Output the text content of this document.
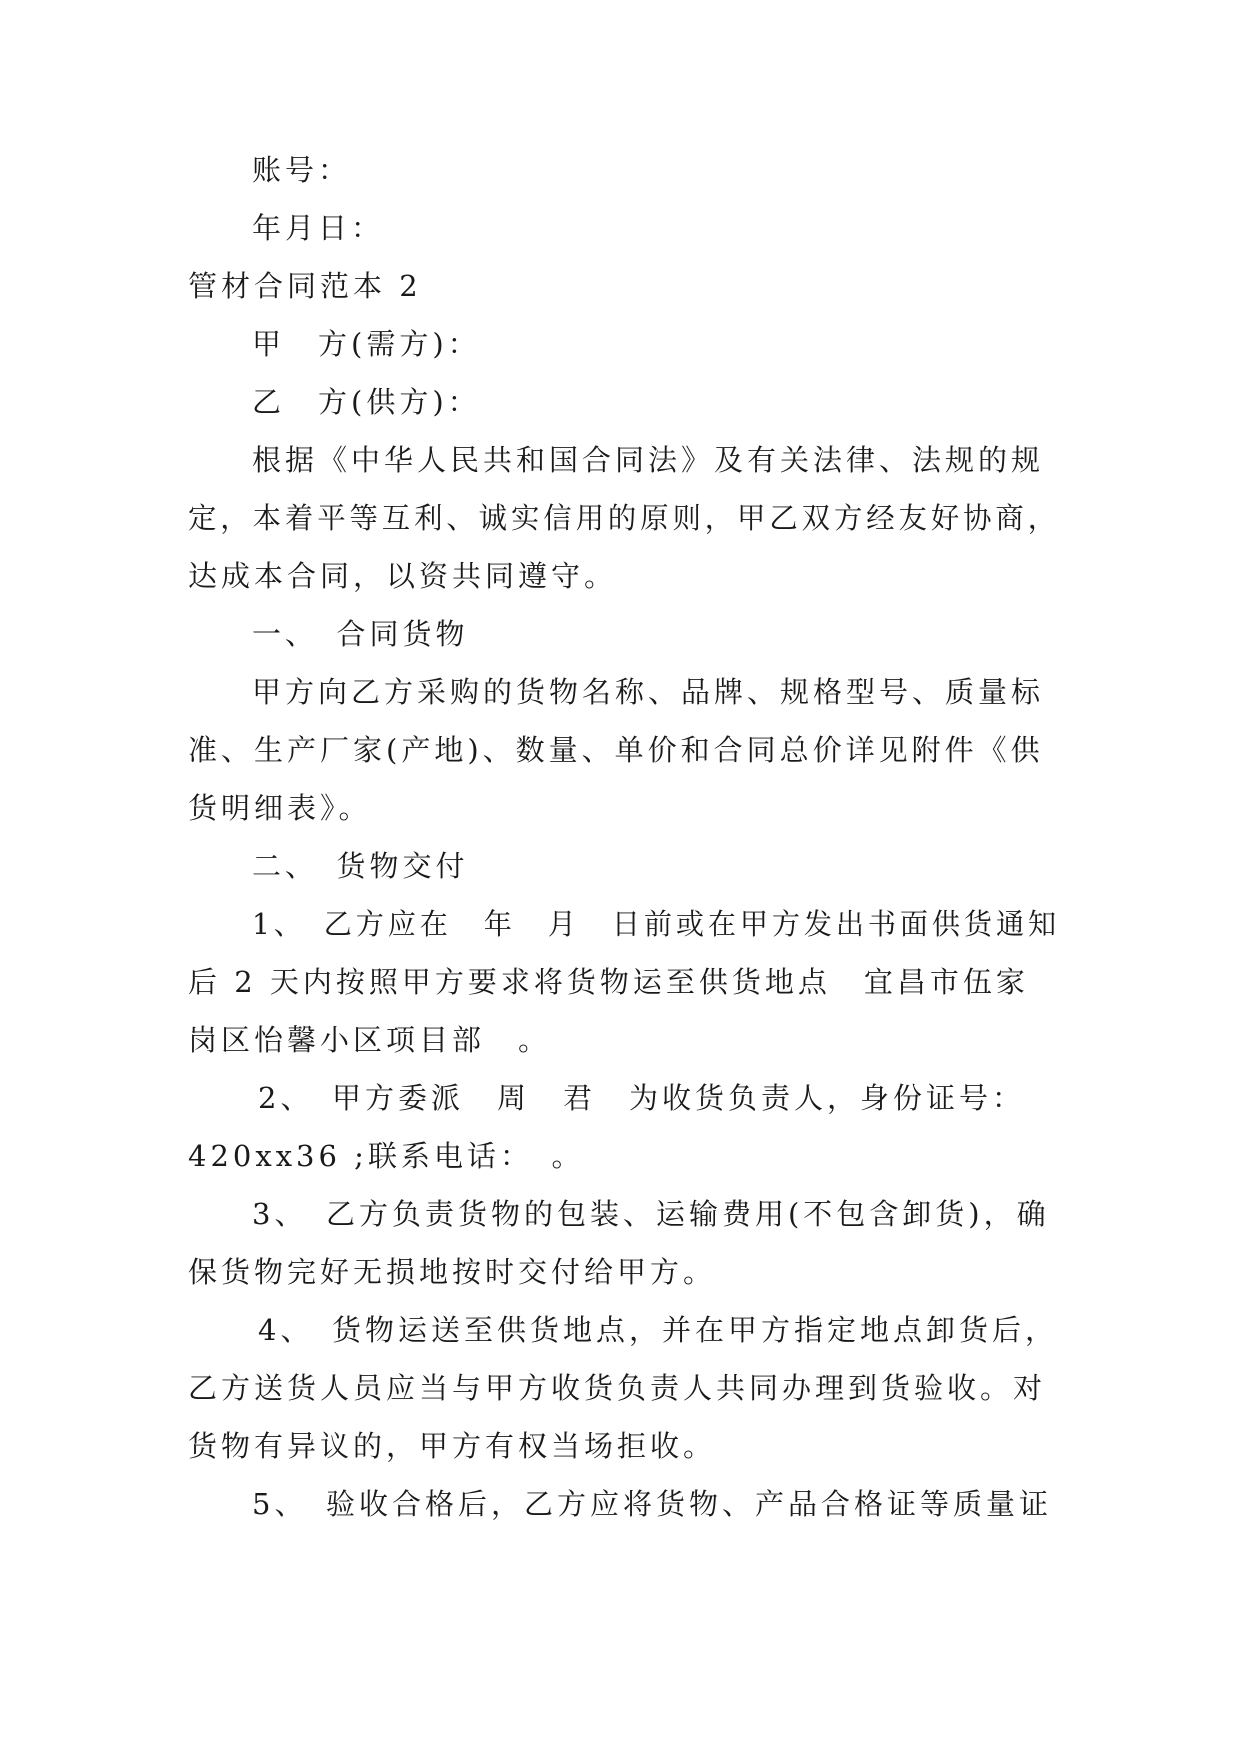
账号：

年月日：

管材合同范本 2

甲　方(需方)：

乙　方(供方)：

根据《中华人民共和国合同法》及有关法律、法规的规

定，本着平等互利、诚实信用的原则，甲乙双方经友好协商，

达成本合同，以资共同遵守。

一、　合同货物

甲方向乙方采购的货物名称、品牌、规格型号、质量标

准、生产厂家(产地)、数量、单价和合同总价详见附件《供

货明细表》。

二、　货物交付

1、　乙方应在　年　月　日前或在甲方发出书面供货通知

后 2 天内按照甲方要求将货物运至供货地点　宜昌市伍家

岗区怡馨小区项目部　。

2、　甲方委派　周　君　为收货负责人，身份证号：

420xx36 ;联系电话：　。

3、　乙方负责货物的包装、运输费用(不包含卸货)，确

保货物完好无损地按时交付给甲方。

4、　货物运送至供货地点，并在甲方指定地点卸货后，

乙方送货人员应当与甲方收货负责人共同办理到货验收。对

货物有异议的，甲方有权当场拒收。

5、　验收合格后，乙方应将货物、产品合格证等质量证
